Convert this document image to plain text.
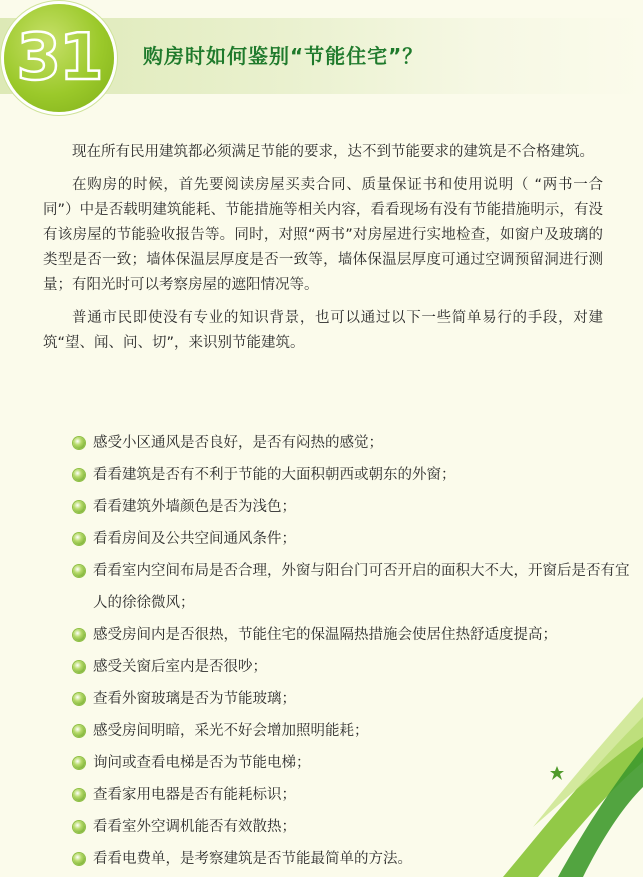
31 购房时如何鉴别“节能住宅”？

现在所有民用建筑都必须满足节能的要求，达不到节能要求的建筑是不合格建筑。

在购房的时候，首先要阅读房屋买卖合同、质量保证书和使用说明（ “两书一合同”）中是否载明建筑能耗、节能措施等相关内容，看看现场有没有节能措施明示，有没有该房屋的节能验收报告等。同时，对照“两书”对房屋进行实地检查，如窗户及玻璃的类型是否一致；墙体保温层厚度是否一致等，墙体保温层厚度可通过空调预留洞进行测量；有阳光时可以考察房屋的遮阳情况等。

普通市民即使没有专业的知识背景，也可以通过以下一些简单易行的手段，对建筑“望、闻、问、切”，来识别节能建筑。

感受小区通风是否良好，是否有闷热的感觉；
看看建筑是否有不利于节能的大面积朝西或朝东的外窗；
看看建筑外墙颜色是否为浅色；
看看房间及公共空间通风条件；
看看室内空间布局是否合理，外窗与阳台门可否开启的面积大不大，开窗后是否有宜人的徐徐微风；
感受房间内是否很热，节能住宅的保温隔热措施会使居住热舒适度提高；
感受关窗后室内是否很吵；
查看外窗玻璃是否为节能玻璃；
感受房间明暗，采光不好会增加照明能耗；
询问或查看电梯是否为节能电梯；
查看家用电器是否有能耗标识；
看看室外空调机能否有效散热；
看看电费单，是考察建筑是否节能最简单的方法。
